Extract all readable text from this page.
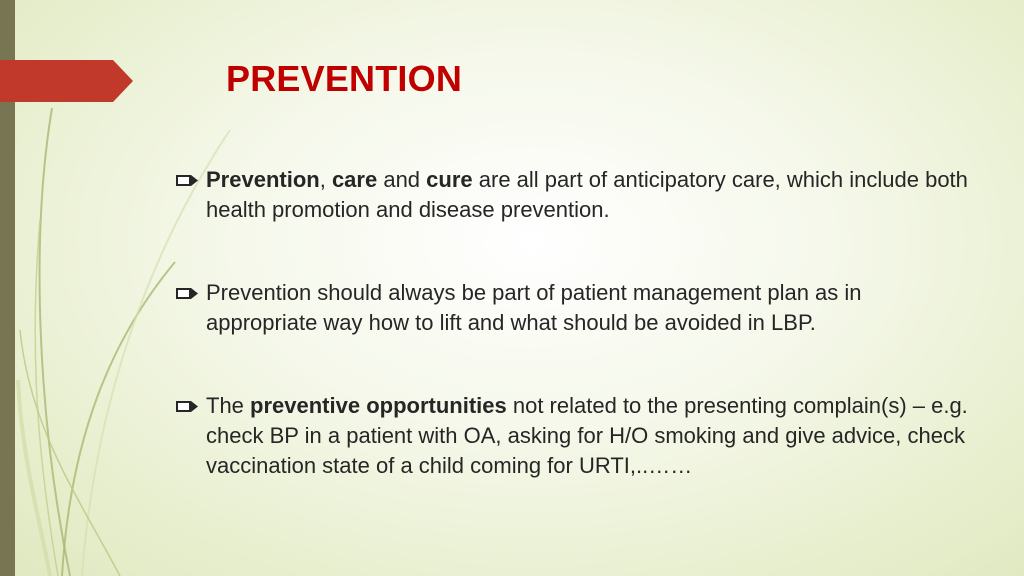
PREVENTION
Prevention, care and cure are all part of anticipatory care, which include both health promotion and disease prevention.
Prevention should always be part of patient management plan as in appropriate way how to lift and what should be avoided in LBP.
The preventive opportunities not related to the presenting complain(s) – e.g. check BP in a patient with OA, asking for H/O smoking and give advice, check vaccination state of a child coming for URTI,..……
